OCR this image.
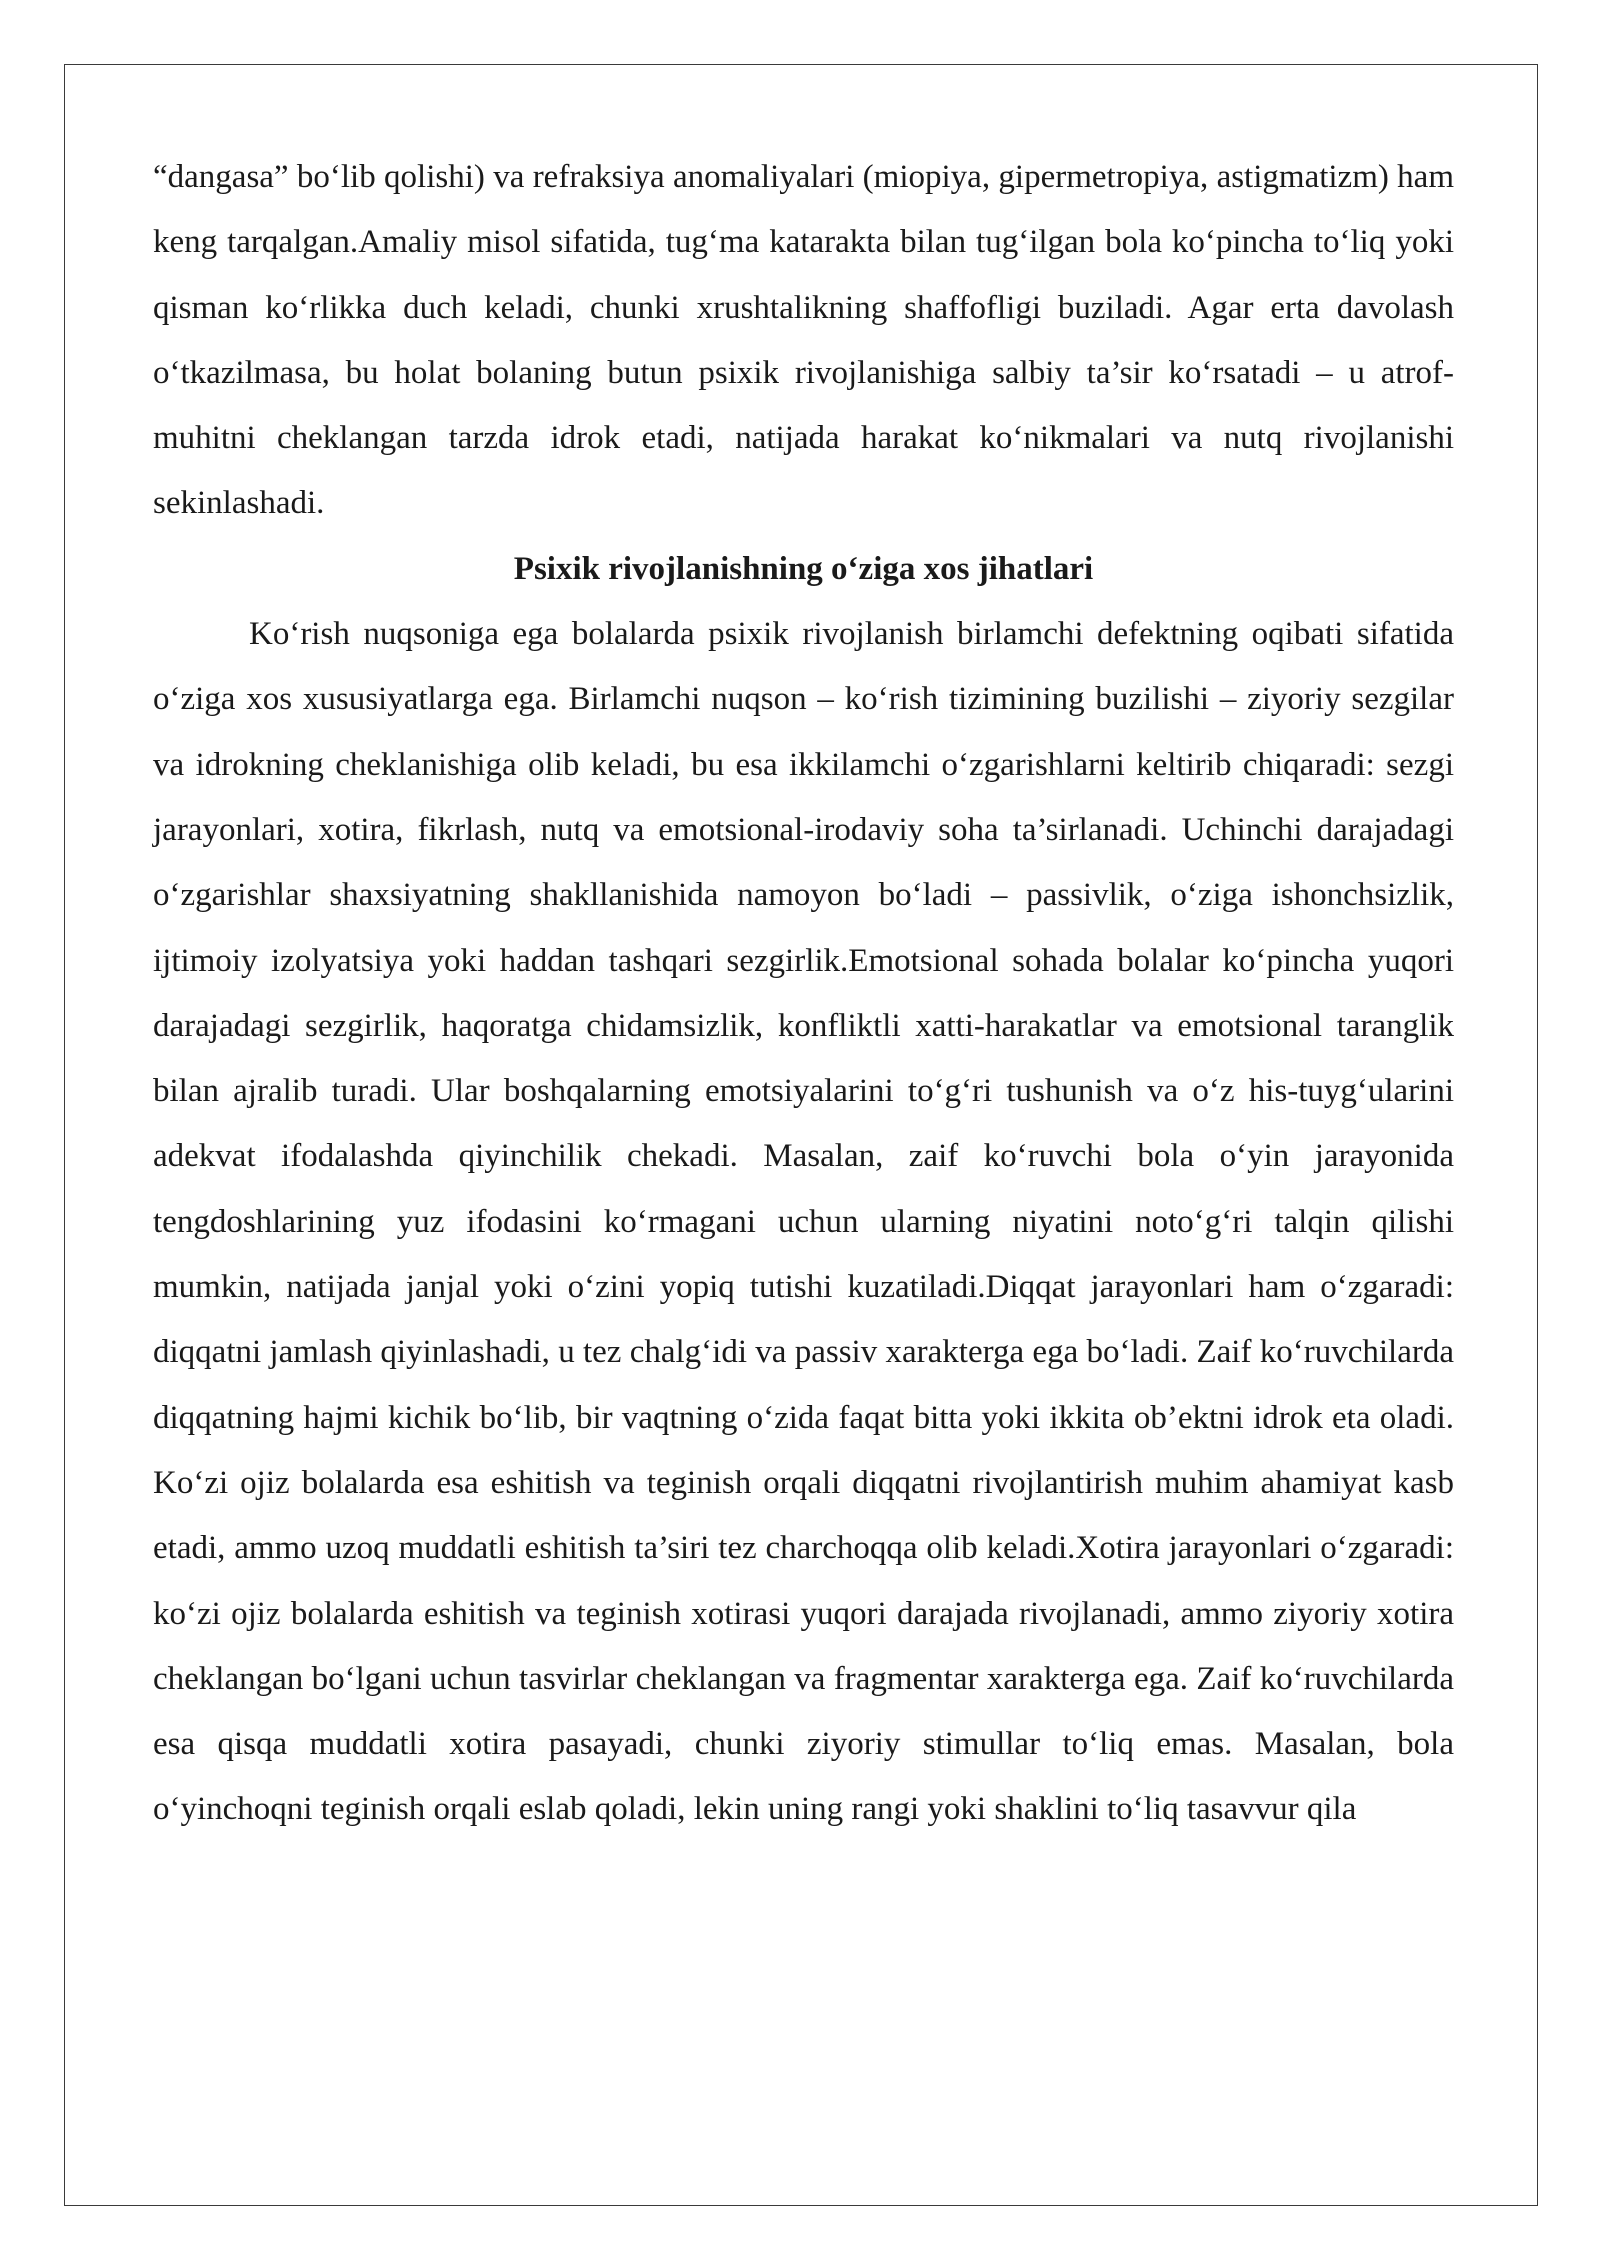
“dangasa” bo‘lib qolishi) va refraksiya anomaliyalari (miopiya, gipermetropiya, astigmatizm) ham keng tarqalgan.Amaliy misol sifatida, tug‘ma katarakta bilan tug‘ilgan bola ko‘pincha to‘liq yoki qisman ko‘rlikka duch keladi, chunki xrushtalikning shaffofligi buziladi. Agar erta davolash o‘tkazilmasa, bu holat bolaning butun psixik rivojlanishiga salbiy ta’sir ko‘rsatadi – u atrof-muhitni cheklangan tarzda idrok etadi, natijada harakat ko‘nikmalari va nutq rivojlanishi sekinlashadi.

Psixik rivojlanishning o‘ziga xos jihatlari

Ko‘rish nuqsoniga ega bolalarda psixik rivojlanish birlamchi defektning oqibati sifatida o‘ziga xos xususiyatlarga ega. Birlamchi nuqson – ko‘rish tizimining buzilishi – ziyoriy sezgilar va idrokning cheklanishiga olib keladi, bu esa ikkilamchi o‘zgarishlarni keltirib chiqaradi: sezgi jarayonlari, xotira, fikrlash, nutq va emotsional-irodaviy soha ta’sirlanadi. Uchinchi darajadagi o‘zgarishlar shaxsiyatning shakllanishida namoyon bo‘ladi – passivlik, o‘ziga ishonchsizlik, ijtimoiy izolyatsiya yoki haddan tashqari sezgirlik.Emotsional sohada bolalar ko‘pincha yuqori darajadagi sezgirlik, haqoratga chidamsizlik, konfliktli xatti-harakatlar va emotsional taranglik bilan ajralib turadi. Ular boshqalarning emotsiyalarini to‘g‘ri tushunish va o‘z his-tuyg‘ularini adekvat ifodalashda qiyinchilik chekadi. Masalan, zaif ko‘ruvchi bola o‘yin jarayonida tengdoshlarining yuz ifodasini ko‘rmagani uchun ularning niyatini noto‘g‘ri talqin qilishi mumkin, natijada janjal yoki o‘zini yopiq tutishi kuzatiladi.Diqqat jarayonlari ham o‘zgaradi: diqqatni jamlash qiyinlashadi, u tez chalg‘idi va passiv xarakterga ega bo‘ladi. Zaif ko‘ruvchilarda diqqatning hajmi kichik bo‘lib, bir vaqtning o‘zida faqat bitta yoki ikkita ob’ektni idrok eta oladi. Ko‘zi ojiz bolalarda esa eshitish va teginish orqali diqqatni rivojlantirish muhim ahamiyat kasb etadi, ammo uzoq muddatli eshitish ta’siri tez charchoqqa olib keladi.Xotira jarayonlari o‘zgaradi: ko‘zi ojiz bolalarda eshitish va teginish xotirasi yuqori darajada rivojlanadi, ammo ziyoriy xotira cheklangan bo‘lgani uchun tasvirlar cheklangan va fragmentar xarakterga ega. Zaif ko‘ruvchilarda esa qisqa muddatli xotira pasayadi, chunki ziyoriy stimullar to‘liq emas. Masalan, bola o‘yinchoqni teginish orqali eslab qoladi, lekin uning rangi yoki shaklini to‘liq tasavvur qila
